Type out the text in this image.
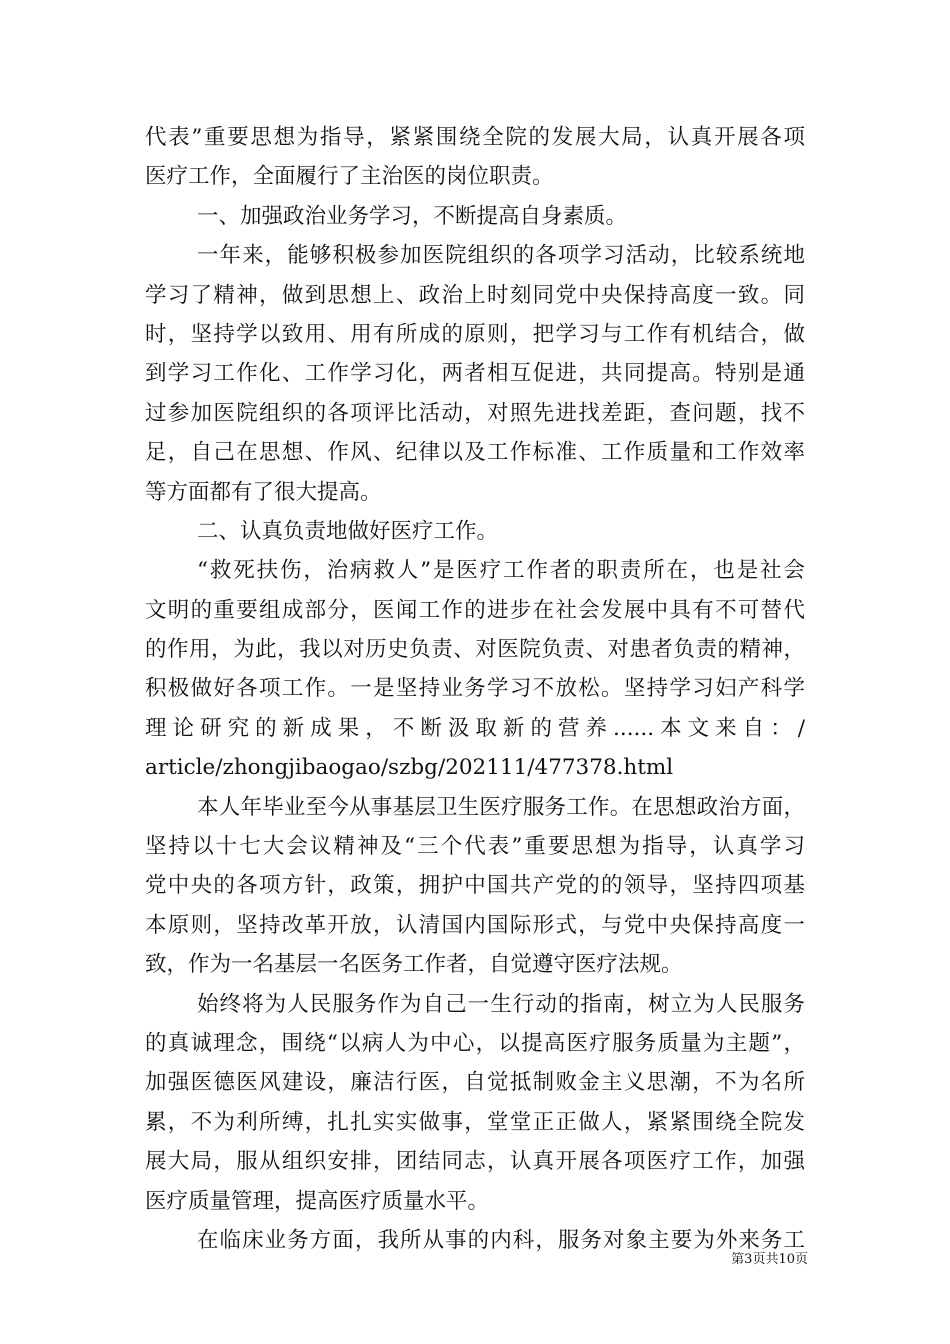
代表”重要思想为指导，紧紧围绕全院的发展大局，认真开展各项
医疗工作，全面履行了主治医的岗位职责。
一、加强政治业务学习，不断提高自身素质。
一年来，能够积极参加医院组织的各项学习活动，比较系统地
学习了精神，做到思想上、政治上时刻同党中央保持高度一致。同
时，坚持学以致用、用有所成的原则，把学习与工作有机结合，做
到学习工作化、工作学习化，两者相互促进，共同提高。特别是通
过参加医院组织的各项评比活动，对照先进找差距，查问题，找不
足，自己在思想、作风、纪律以及工作标准、工作质量和工作效率
等方面都有了很大提高。
二、认真负责地做好医疗工作。
“救死扶伤，治病救人”是医疗工作者的职责所在，也是社会
文明的重要组成部分，医闻工作的进步在社会发展中具有不可替代
的作用，为此，我以对历史负责、对医院负责、对患者负责的精神，
积极做好各项工作。一是坚持业务学习不放松。坚持学习妇产科学
理论研究的新成果，不断汲取新的营养......本文来自：/
article/zhongjibaogao/szbg/202111/477378.html
本人年毕业至今从事基层卫生医疗服务工作。在思想政治方面，
坚持以十七大会议精神及“三个代表”重要思想为指导，认真学习
党中央的各项方针，政策，拥护中国共产党的的领导，坚持四项基
本原则，坚持改革开放，认清国内国际形式，与党中央保持高度一
致，作为一名基层一名医务工作者，自觉遵守医疗法规。
始终将为人民服务作为自己一生行动的指南，树立为人民服务
的真诚理念，围绕“以病人为中心，以提高医疗服务质量为主题”，
加强医德医风建设，廉洁行医，自觉抵制败金主义思潮，不为名所
累，不为利所缚，扎扎实实做事，堂堂正正做人，紧紧围绕全院发
展大局，服从组织安排，团结同志，认真开展各项医疗工作，加强
医疗质量管理，提高医疗质量水平。
在临床业务方面，我所从事的内科，服务对象主要为外来务工
第3页共10页
